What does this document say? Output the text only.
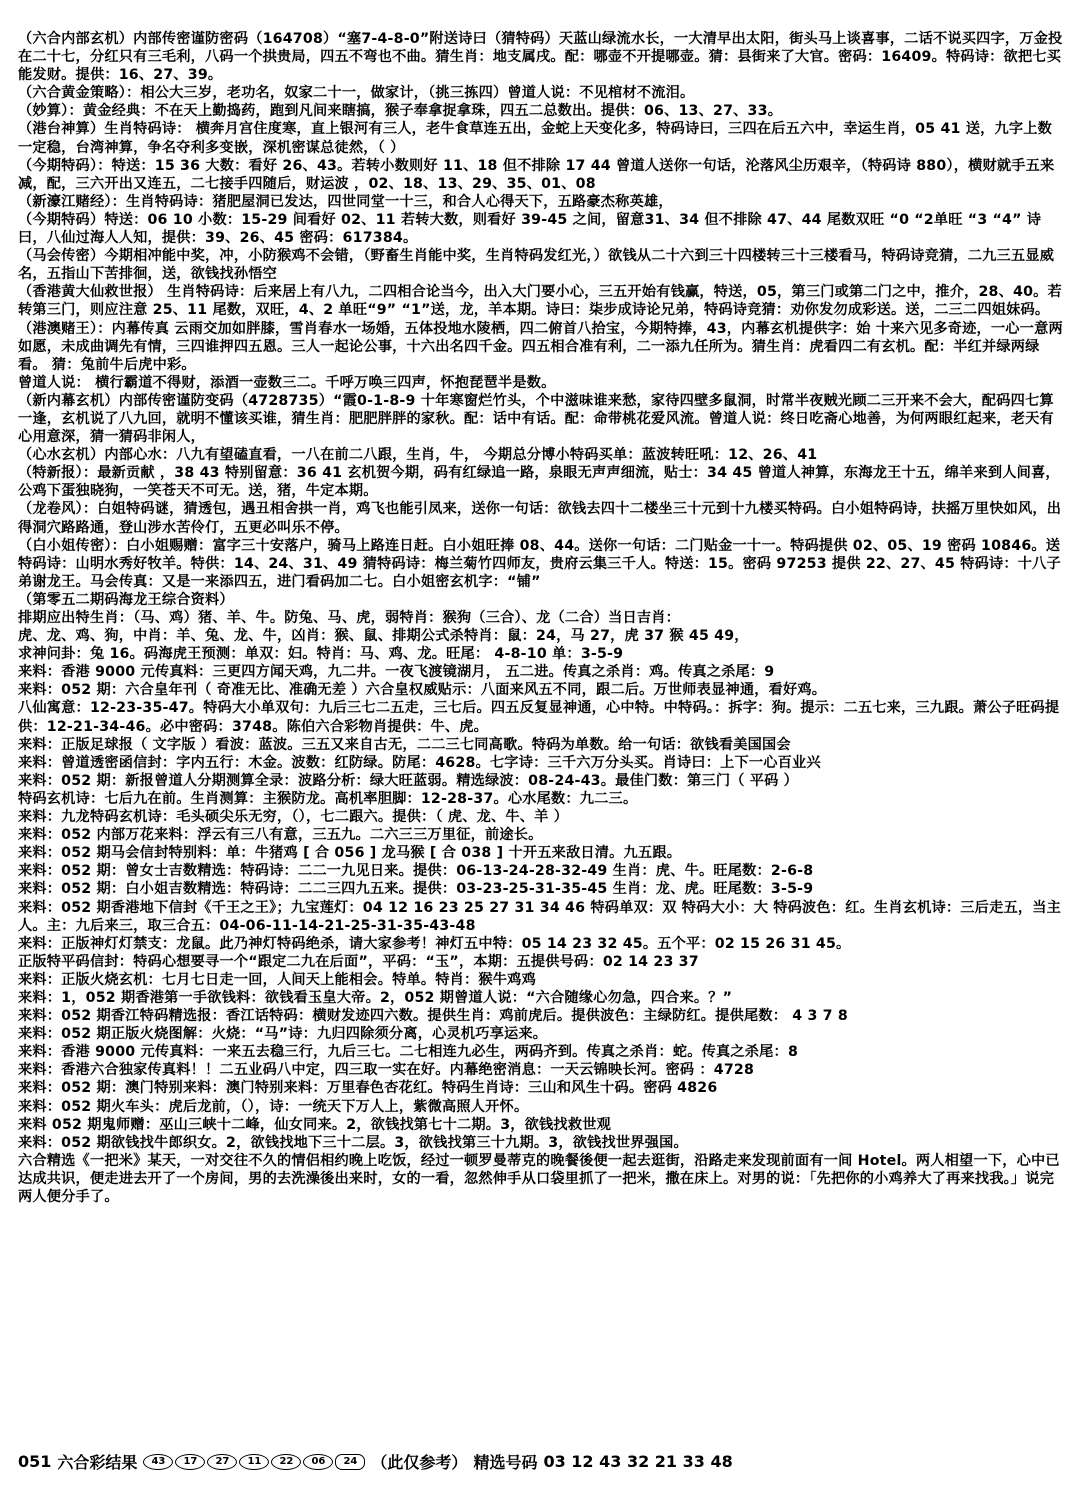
（六合内部玄机）内部传密谨防密码（164708）“塞7-4-8-0”附送诗曰（猜特码）天蓝山绿流水长，一大清早出太阳，街头马上谈喜事，二话不说买四字，万金投在二十七，分红只有三毛利，八码一个拱贵局，四五不弯也不曲。猜生肖：地支属戌。配：哪壶不开提哪壶。猜：县街来了大官。密码：16409。特码诗：欲把七买能发财。提供：16、27、39。

（六合黄金策略）：相公大三岁，老功名，奴家二十一，做家计，（挑三拣四）曾道人说：不见棺材不流泪。

（妙算）：黄金经典：不在天上勤捣药，跑到凡间来瞎搞，猴子奉拿捉拿珠，四五二总数出。提供：06、13、27、33。

（港台神算）生肖特码诗： 横奔月宫住度寒，直上银河有三人，老牛食草连五出，金蛇上天变化多，特码诗曰，三四在后五六中，幸运生肖，05 41 送，九字上数一定稳，台湾神算，争名夺利多变嵌，深机密谋总徒然，（ ）

（今期特码）：特送：15 36 大数：看好 26、43。若转小数则好 11、18 但不排除 17 44 曾道人送你一句话，沦落风尘历艰辛，（特码诗 880），横财就手五来减，配，三六开出又连五，二七接手四随后，财运波 ，02、18、13、29、35、01、08

（新濠江赌经）：生肖特码诗：猪肥屋洞已发达，四世同堂一十三，和合人心得天下，五路豪杰称英雄，

（今期特码）特送：06 10 小数：15-29 间看好 02、11 若转大数，则看好 39-45 之间，留意31、34 但不排除 47、44 尾数双旺 “0 “2单旺 “3 “4” 诗曰，八仙过海人人知，提供：39、26、45 密码：617384。

（马会传密）今期相冲能中奖，冲，小防猴鸡不会错，（野畜生肖能中奖，生肖特码发红光，）欲钱从二十六到三十四楼转三十三楼看马，特码诗竞猜，二九三五显威名，五指山下苦排徊，送，欲钱找孙悟空

（香港黄大仙救世报） 生肖特码诗：后来居上有八九，二四相合论当今，出入大门要小心，三五开始有钱赢，特送，05，第三门或第二门之中，推介，28、40。若转第三门，则应注意 25、11 尾数，双旺，4、2 单旺“9” “1”送，龙，羊本期。诗曰：柒步成诗论兄弟，特码诗竞猜：劝你发勿成彩送。送，二三二四姐妹码。

（港澳赌王）：内幕传真 云雨交加如胖膝，雪肖春水一场婚，五体投地水陵栖，四二俯首八拾宝，今期特捧，43，内幕玄机提供字：始 十来六见多奇迹，一心一意两如愿，未成曲调先有情，三四谁押四五恩。三人一起论公事，十六出名四千金。四五相合准有利，二一添九任所为。猜生肖：虎看四二有玄机。配：半红并绿两绿看。 猜：兔前牛后虎中彩。

曾道人说： 横行霸道不得财，添酒一壶数三二。千呼万唤三四声，怀抱琵琶半是数。

（新内幕玄机）内部传密谨防变码（4728735）“霞0-1-8-9 十年寒窗烂竹头，个中滋味谁来愁，家待四壁多鼠洞，时常半夜贼光顾二三开来不会大，配码四七算一逢，玄机说了八九回，就明不懂该买谁，猜生肖：肥肥胖胖的家秋。配：话中有话。配：命带桃花爱风流。曾道人说：终日吃斋心地善，为何两眼红起来，老天有心用意深，猜一猜码非闲人，

（心水玄机）内部心水：八九有望磕直看，一八在前二八跟，生肖，牛， 今期总分博小特码买单：蓝波转旺吼：12、26、41

（特新报）：最新贡献 ，38 43 特别留意：36 41 玄机贺今期，码有红绿追一路，泉眼无声声细流，贴士：34 45 曾道人神算，东海龙王十五，绵羊来到人间喜，公鸡下蛋独晓狗，一笑苍天不可无。送，猪，牛定本期。

（龙卷风）：白姐特码谜，猜透包，遇丑相舍拱一肖，鸡飞也能引凤来，送你一句话：欲钱去四十二楼坐三十元到十九楼买特码。白小姐特码诗，扶摇万里快如风，出得洞穴路路通，登山涉水苦伶仃，五更必叫乐不停。

（白小姐传密）：白小姐赐赠：富字三十安落户，骑马上路连日赶。白小姐旺捧 08、44。送你一句话：二门贴金一十一。特码提供 02、05、19 密码 10846。送特码诗：山明水秀好牧羊。特供：14、24、31、49 猜特码诗：梅兰菊竹四师友，贵府云集三千人。特送：15。密码 97253 提供 22、27、45 特码诗：十八子弟谢龙王。马会传真：又是一来添四五，进门看码加二七。白小姐密玄机字：“铺”

（第零五二期码海龙王综合资料）

排期应出特生肖：（马、鸡）猪、羊、牛。防兔、马、虎，弱特肖：猴狗（三合）、龙（二合）当日吉肖：

虎、龙、鸡、狗，中肖：羊、兔、龙、牛，凶肖：猴、鼠、排期公式杀特肖：鼠：24，马 27，虎 37 猴 45 49，

求神问卦：兔 16。码海虎王预测：单双：妇。特肖：马、鸡、龙。旺尾： 4-8-10 单：3-5-9

来料：香港 9000 元传真料：三更四方闻天鸡，九二井。一夜飞渡镜湖月， 五二进。传真之杀肖：鸡。传真之杀尾：9

来料：052 期：六合皇年刊（ 奇准无比、准确无差 ）六合皇权威贴示：八面来风五不同，跟二后。万世师表显神通，看好鸡。

八仙寓意：12-23-35-47。特码大小单双句：九后三七二五走，三七后。四五反复显神通，心中特。中特码。：拆字：狗。提示：二五七来，三九跟。萧公子旺码提供：12-21-34-46。必中密码：3748。陈伯六合彩物肖提供：牛、虎。

来料：正版足球报（ 文字版 ）看波：蓝波。三五又来自古无，二二三七同高歌。特码为单数。给一句话：欲钱看美国国会

来料：曾道透密函信封：字内五行：木金。波数：红防绿。防尾：4628。七字诗：三千六万分头买。肖诗曰：上下一心百业兴

来料：052 期：新报曾道人分期测算全录：波路分析：绿大旺蓝弱。精选绿波：08-24-43。最佳门数：第三门（ 平码 ）

特码玄机诗：七后九在前。生肖测算：主猴防龙。高机率胆脚：12-28-37。心水尾数：九二三。

来料：九龙特码玄机诗：毛头硕尖乐无穷，（），七二跟六。提供：（ 虎、龙、牛、羊 ）

来料：052 内部万花来料：浮云有三八有意，三五九。二六三三万里征，前途长。

来料：052 期马会信封特别料：单：牛猪鸡 [ 合 056 ] 龙马猴 [ 合 038 ] 十开五来敌日清。九五跟。

来料：052 期：曾女士吉数精选：特码诗：二二一九见日来。提供：06-13-24-28-32-49 生肖：虎、牛。旺尾数：2-6-8

来料：052 期：白小姐吉数精选：特码诗：二二三四九五来。提供：03-23-25-31-35-45 生肖：龙、虎。旺尾数：3-5-9

来料：052 期香港地下信封《千王之王》；九宝莲灯：04 12 16 23 25 27 31 34 46 特码单双：双 特码大小：大 特码波色：红。生肖玄机诗：三后走五，当主人。主：九后来三，取三合五：04-06-11-14-21-25-31-35-43-48

来料：正版神灯灯禁支：龙鼠。此乃神灯特码绝杀，请大家参考！神灯五中特：05 14 23 32 45。五个平：02 15 26 31 45。

正版特平码信封：特码心想要寻一个“跟定二九在后面”，平码：“玉”，本期：五提供号码：02 14 23 37

来料：正版火烧玄机：七月七日走一回，人间天上能相会。特单。特肖：猴牛鸡鸡

来料：1，052 期香港第一手欲钱料：欲钱看玉皇大帝。2，052 期曾道人说：“六合随缘心勿急，四合来。？”

来料：052 期香江特码精选报：香江话特码：横财发迹四六数。提供生肖：鸡前虎后。提供波色：主绿防红。提供尾数： 4 3 7 8

来料：052 期正版火烧图解：火烧：“马”诗：九归四除须分离，心灵机巧享运来。

来料：香港 9000 元传真料：一来五去稳三行，九后三七。二七相连九必生，两码齐到。传真之杀肖：蛇。传真之杀尾：8

来料：香港六合独家传真料！！二五业码八中定，四三取一实在好。内幕绝密消息：一天云锦映长河。密码 ：4728

来料：052 期：澳门特别来料：澳门特别来料：万里春色杏花红。特码生肖诗：三山和风生十码。密码 4826

来料：052 期火车头：虎后龙前，（），诗：一统天下万人上，紫微高照人开怀。

来料 052 期鬼师赠：巫山三峡十二峰，仙女同来。2，欲钱找第七十二期。3，欲钱找救世观

来料：052 期欲钱找牛郎织女。2，欲钱找地下三十二层。3，欲钱找第三十九期。3，欲钱找世界强国。

六合精选《一把米》某天，一对交往不久的情侣相约晚上吃饭，经过一顿罗曼蒂克的晚餐後便一起去逛街，沿路走来发现前面有一间 Hotel。两人相望一下，心中已达成共识，便走进去开了一个房间，男的去洗澡後出来时，女的一看，忽然伸手从口袋里抓了一把米，撒在床上。对男的说：「先把你的小鸡养大了再来找我。」说完两人便分手了。

051 六合彩结果	43	17	27	11	22	06	24 （此仅参考） 精选号码 03 12 43 32 21 33 48
